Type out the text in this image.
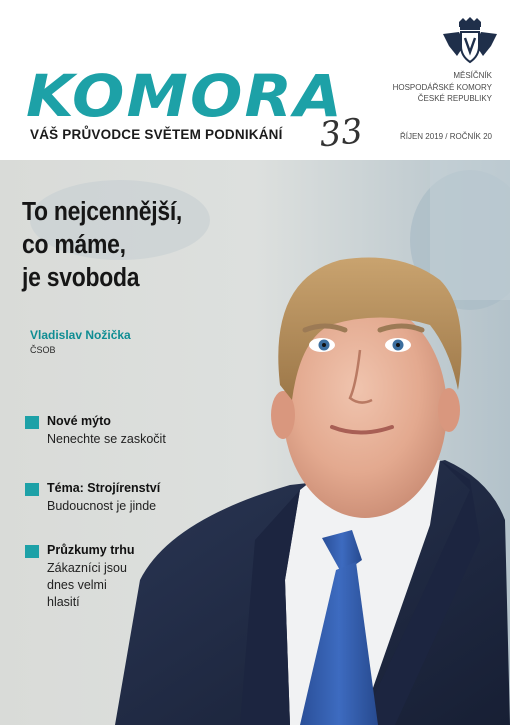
KOMORA
VÁŠ PRŮVODCE SVĚTEM PODNIKÁNÍ
MĚSÍČNÍK
HOSPODÁŘSKÉ KOMORY
ČESKÉ REPUBLIKY
ŘÍJEN 2019 / ROČNÍK 20
33
To nejcennější,
co máme,
je svoboda
Vladislav Nožička
ČSOB
Nové mýto
Nenechte se zaskočit
Téma: Strojírenství
Budoucnost je jinde
Průzkumy trhu
Zákazníci jsou
dnes velmi
hlasití
